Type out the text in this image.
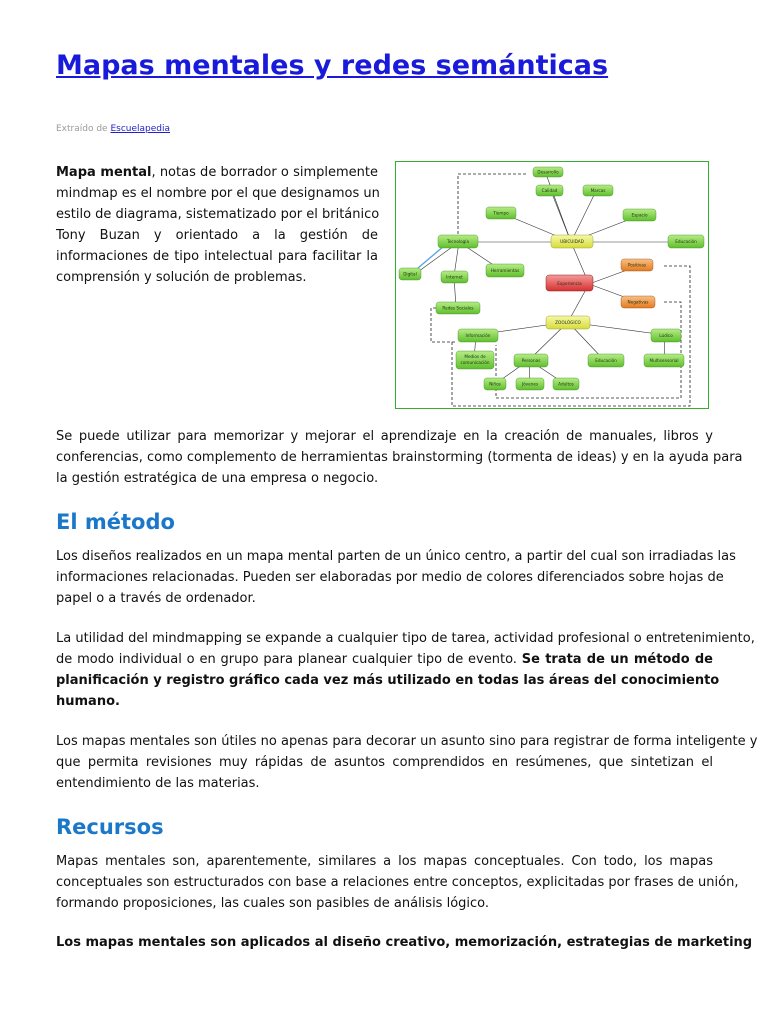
Mapas mentales y redes semánticas
Extraído de Escuelapedia
Mapa mental, notas de borrador o simplemente
mindmap es el nombre por el que designamos un
estilo de diagrama, sistematizado por el británico
Tony Buzan y orientado a la gestión de
informaciones de tipo intelectual para facilitar la
comprensión y solución de problemas.
Desarrollo
Calidad	Marcas
Tiempo	Espacio
Tecnología	UBICUIDAD	Educación
Digital
Internet
Herramientas
Experiencia
Positivas
Negativas
Redes Sociales
ZOOLÓGICO
Información	Lúdico
Medios de
comunicación	Personas	Educación	Multisensorial
Niños	Jóvenes	Adultos
Se puede utilizar para memorizar y mejorar el aprendizaje en la creación de manuales, libros y
conferencias, como complemento de herramientas brainstorming (tormenta de ideas) y en la ayuda para
la gestión estratégica de una empresa o negocio.
El método
Los diseños realizados en un mapa mental parten de un único centro, a partir del cual son irradiadas las
informaciones relacionadas. Pueden ser elaboradas por medio de colores diferenciados sobre hojas de
papel o a través de ordenador.
La utilidad del mindmapping se expande a cualquier tipo de tarea, actividad profesional o entretenimiento,
de modo individual o en grupo para planear cualquier tipo de evento. Se trata de un método de
planificación y registro gráfico cada vez más utilizado en todas las áreas del conocimiento
humano.
Los mapas mentales son útiles no apenas para decorar un asunto sino para registrar de forma inteligente y
que permita revisiones muy rápidas de asuntos comprendidos en resúmenes, que sintetizan el
entendimiento de las materias.
Recursos
Mapas mentales son, aparentemente, similares a los mapas conceptuales. Con todo, los mapas
conceptuales son estructurados con base a relaciones entre conceptos, explicitadas por frases de unión,
formando proposiciones, las cuales son pasibles de análisis lógico.
Los mapas mentales son aplicados al diseño creativo, memorización, estrategias de marketing
